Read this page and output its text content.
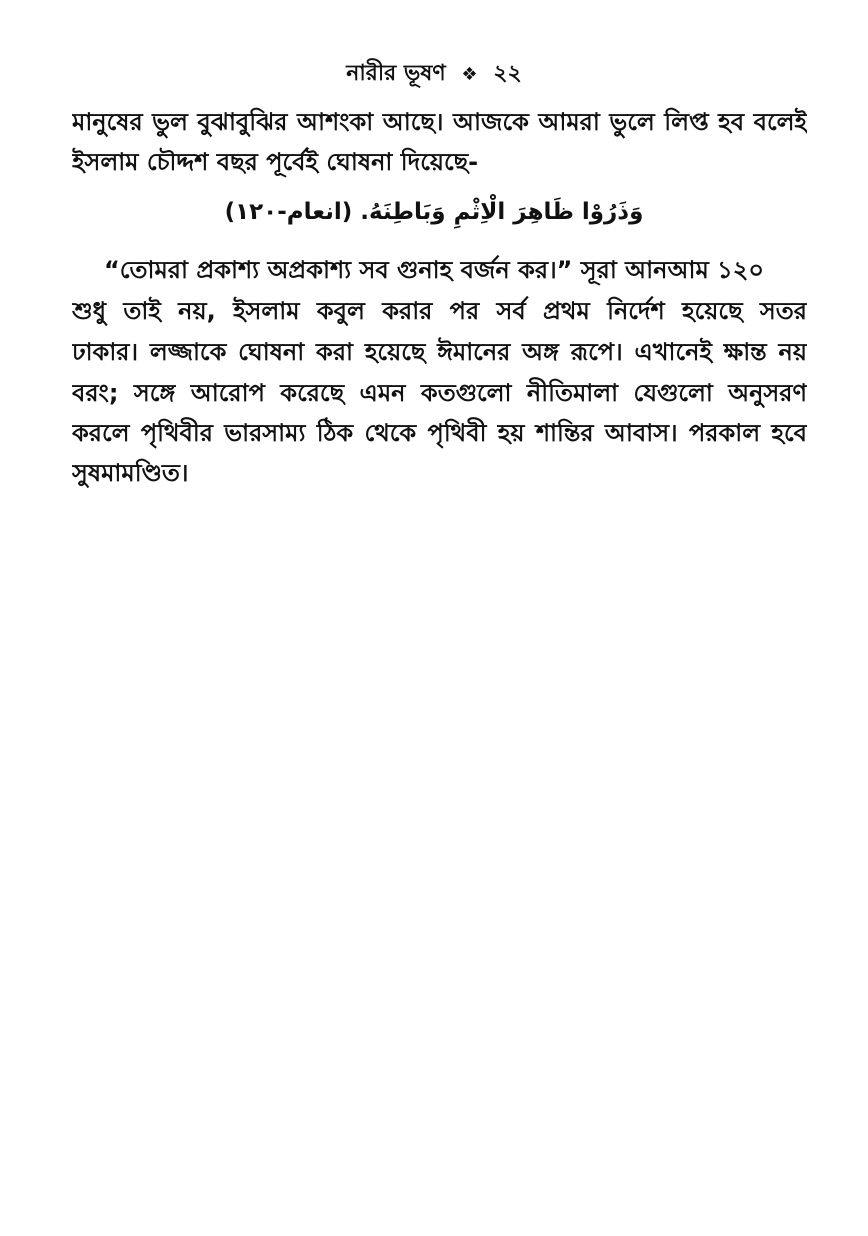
নারীর ভূষণ ❖ ২২
মানুষের ভুল বুঝাবুঝির আশংকা আছে। আজকে আমরা ভুলে লিপ্ত হব বলেই
ইসলাম চৌদ্দশ বছর পূর্বেই ঘোষনা দিয়েছে-
وَذَرُوْا ظَاهِرَ الْاِثْمِ وَبَاطِنَهُ. (انعام-١٢٠)
“তোমরা প্রকাশ্য অপ্রকাশ্য সব গুনাহ বর্জন কর।” সূরা আনআম ১২০
শুধু তাই নয়, ইসলাম কবুল করার পর সর্ব প্রথম নির্দেশ হয়েছে সতর
ঢাকার। লজ্জাকে ঘোষনা করা হয়েছে ঈমানের অঙ্গ রূপে। এখানেই ক্ষান্ত নয়
বরং; সঙ্গে আরোপ করেছে এমন কতগুলো নীতিমালা যেগুলো অনুসরণ
করলে পৃথিবীর ভারসাম্য ঠিক থেকে পৃথিবী হয় শান্তির আবাস। পরকাল হবে
সুষমামণ্ডিত।
